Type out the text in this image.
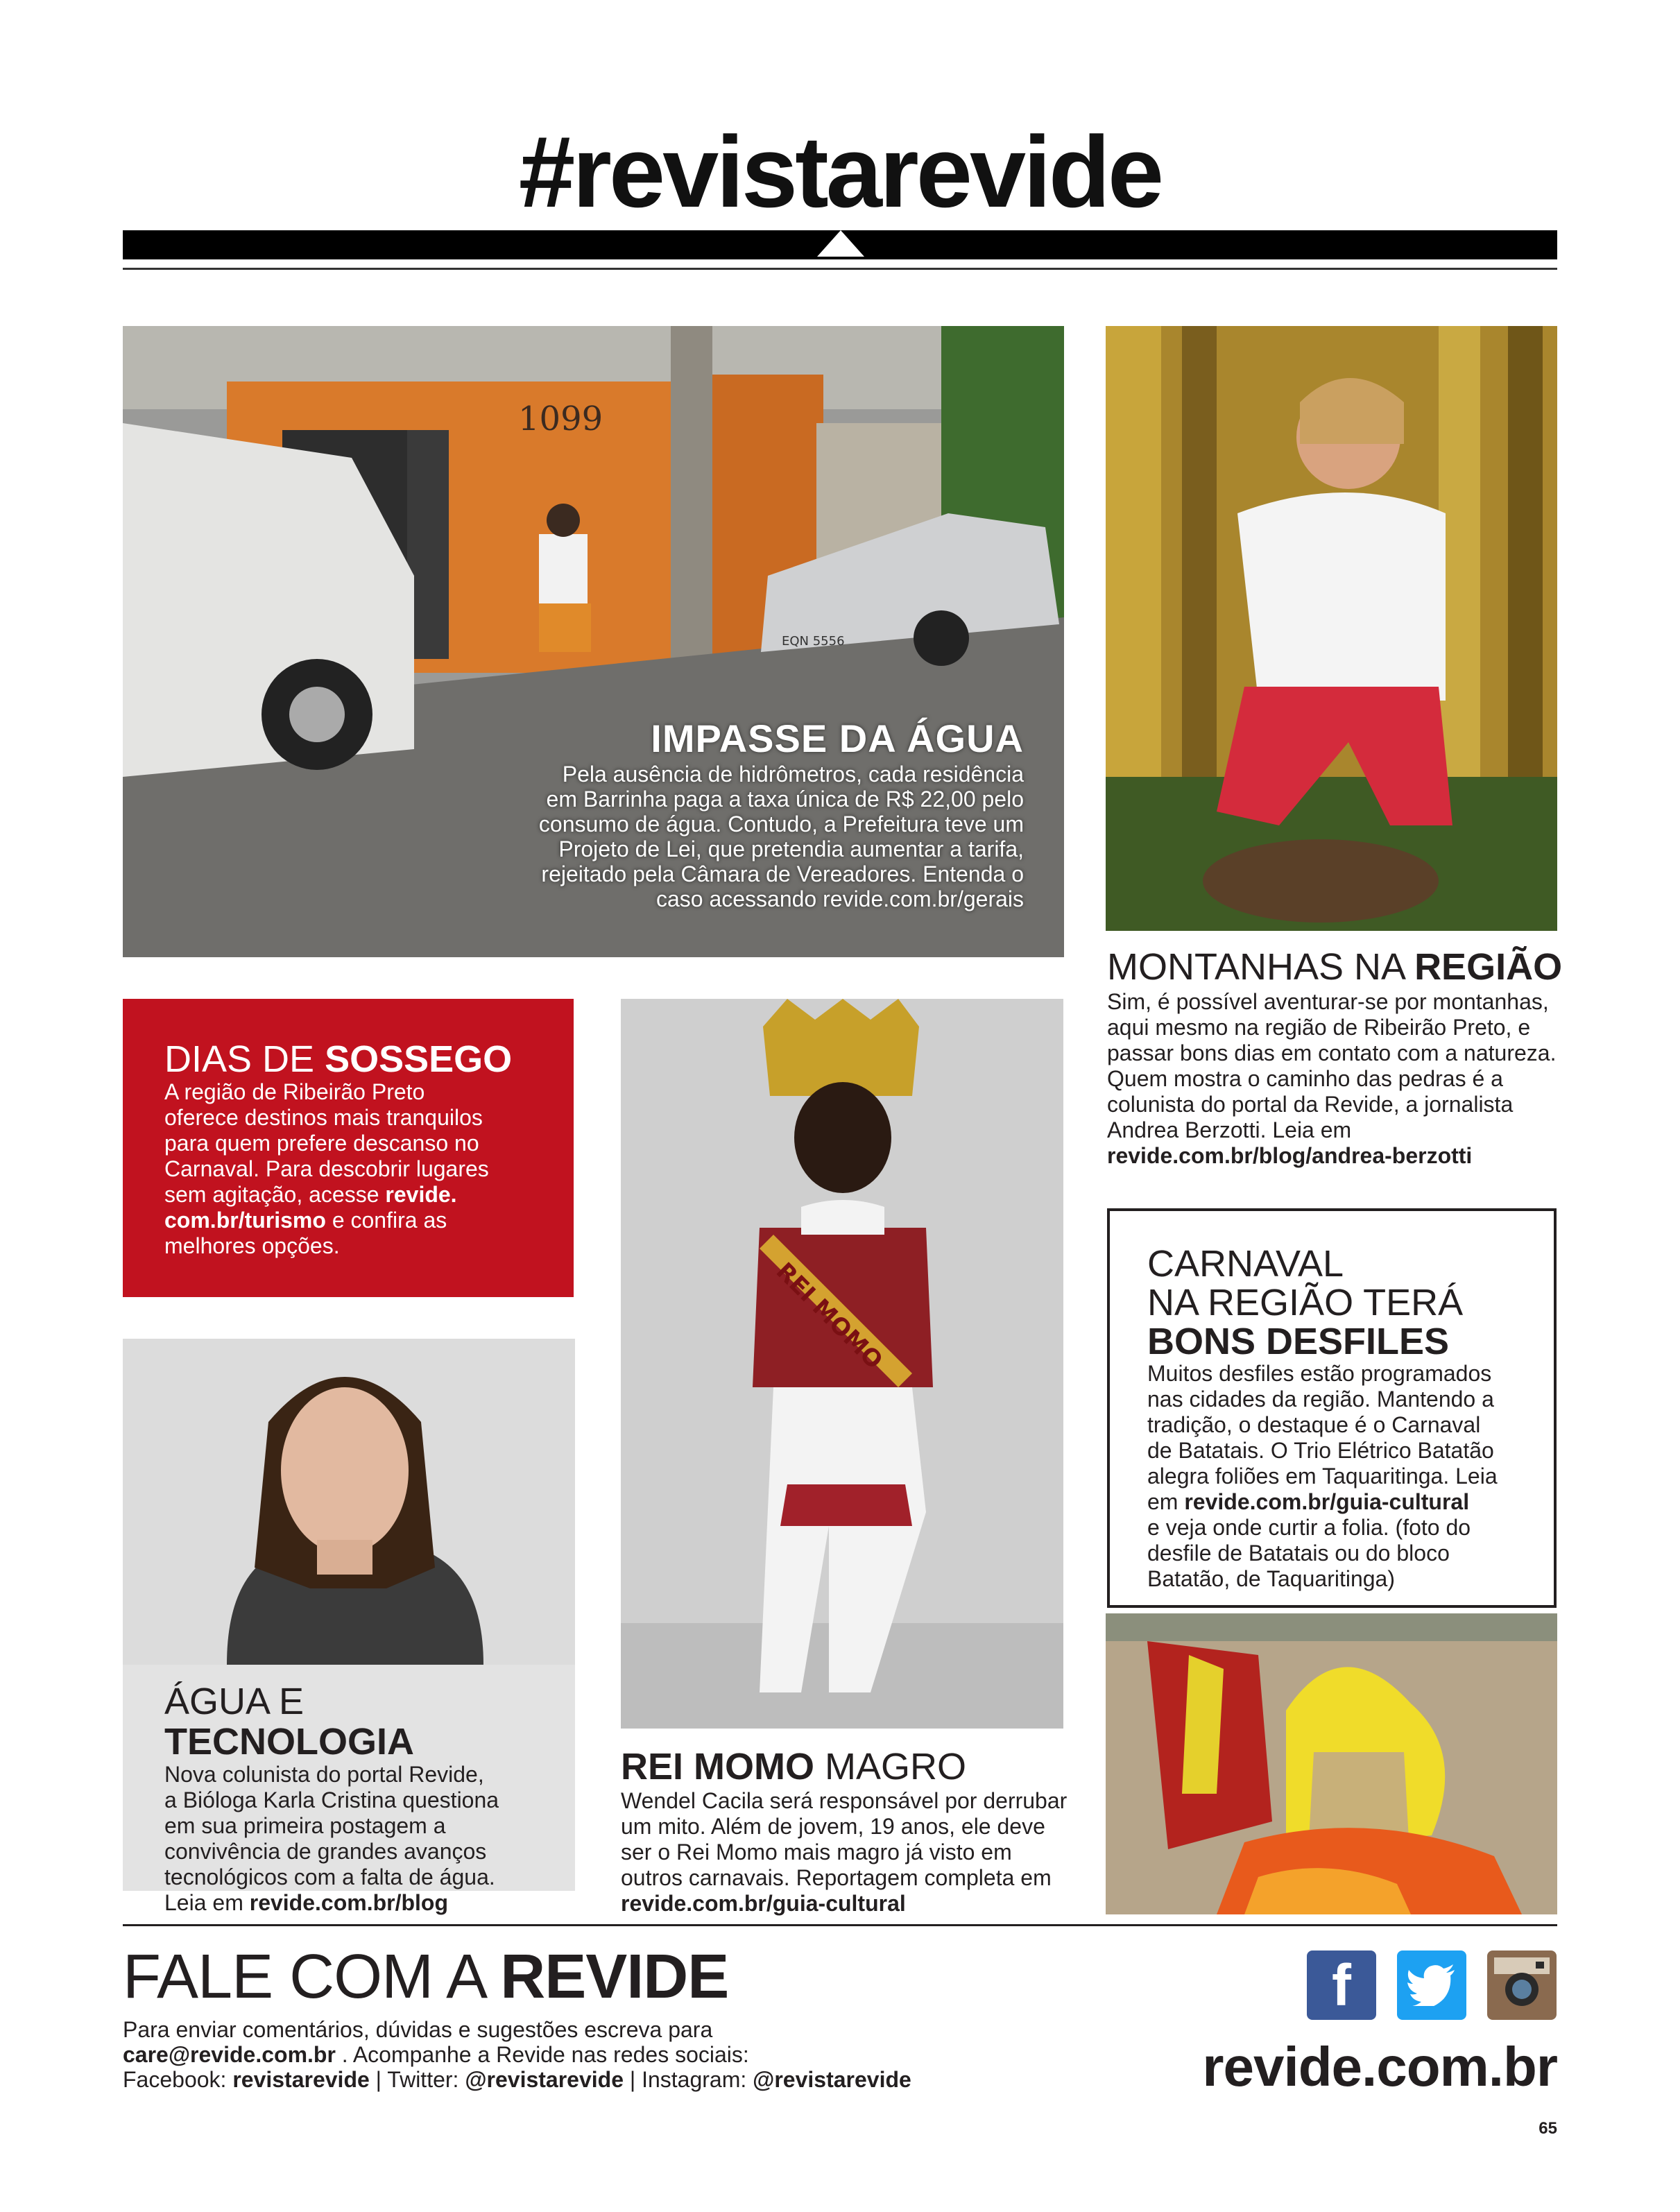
#revistarevide
1099
EQN 5556
IMPASSE DA ÁGUA
Pela ausência de hidrômetros, cada residência
em Barrinha paga a taxa única de R$ 22,00 pelo
consumo de água. Contudo, a Prefeitura teve um
Projeto de Lei, que pretendia aumentar a tarifa,
rejeitado pela Câmara de Vereadores. Entenda o
caso acessando revide.com.br/gerais
MONTANHAS NA REGIÃO
Sim, é possível aventurar-se por montanhas,
aqui mesmo na região de Ribeirão Preto, e
passar bons dias em contato com a natureza.
Quem mostra o caminho das pedras é a
colunista do portal da Revide, a jornalista
Andrea Berzotti. Leia em
revide.com.br/blog/andrea-berzotti
DIAS DE SOSSEGO
A região de Ribeirão Preto
oferece destinos mais tranquilos
para quem prefere descanso no
Carnaval. Para descobrir lugares
sem agitação, acesse revide.
com.br/turismo e confira as
melhores opções.
ÁGUA E TECNOLOGIA
Nova colunista do portal Revide,
a Bióloga Karla Cristina questiona
em sua primeira postagem a
convivência de grandes avanços
tecnológicos com a falta de água.
Leia em revide.com.br/blog
REI MOMO
REI MOMO MAGRO
Wendel Cacila será responsável por derrubar
um mito. Além de jovem, 19 anos, ele deve
ser o Rei Momo mais magro já visto em
outros carnavais. Reportagem completa em
revide.com.br/guia-cultural
CARNAVAL
NA REGIÃO TERÁ
BONS DESFILES
Muitos desfiles estão programados
nas cidades da região. Mantendo a
tradição, o destaque é o Carnaval
de Batatais. O Trio Elétrico Batatão
alegra foliões em Taquaritinga. Leia
em revide.com.br/guia-cultural
e veja onde curtir a folia. (foto do
desfile de Batatais ou do bloco
Batatão, de Taquaritinga)
FALE COM A REVIDE
Para enviar comentários, dúvidas e sugestões escreva para
care@revide.com.br . Acompanhe a Revide nas redes sociais:
Facebook: revistarevide | Twitter: @revistarevide | Instagram: @revistarevide
f
revide.com.br
65
